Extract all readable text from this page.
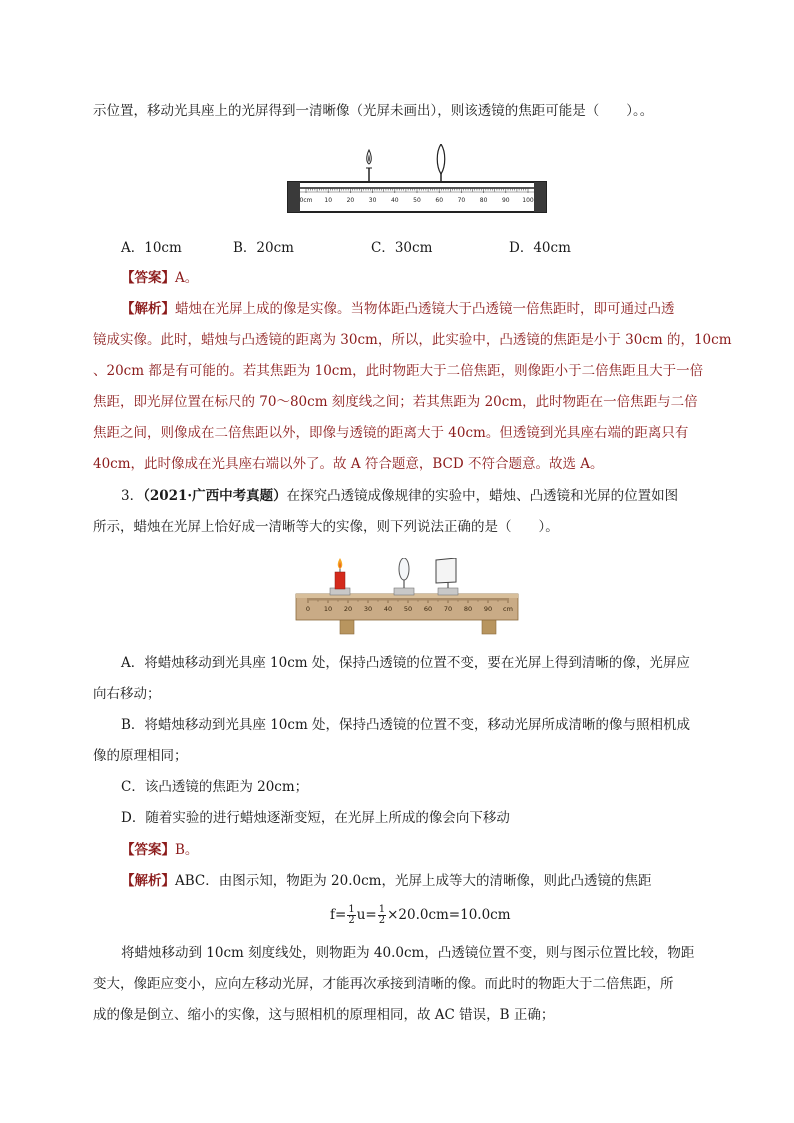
示位置，移动光具座上的光屏得到一清晰像（光屏未画出），则该透镜的焦距可能是（　　）。。
0cm 10 20 30 40 50 60 70 80 90 100
A．10cm	B．20cm	C．30cm	D．40cm
【答案】A。
【解析】蜡烛在光屏上成的像是实像。当物体距凸透镜大于凸透镜一倍焦距时，即可通过凸透
镜成实像。此时，蜡烛与凸透镜的距离为 30cm，所以，此实验中，凸透镜的焦距是小于 30cm 的，10cm
、20cm 都是有可能的。若其焦距为 10cm，此时物距大于二倍焦距，则像距小于二倍焦距且大于一倍
焦距，即光屏位置在标尺的 70～80cm 刻度线之间；若其焦距为 20cm，此时物距在一倍焦距与二倍
焦距之间，则像成在二倍焦距以外，即像与透镜的距离大于 40cm。但透镜到光具座右端的距离只有
40cm，此时像成在光具座右端以外了。故 A 符合题意，BCD 不符合题意。故选 A。
3．（2021·广西中考真题）在探究凸透镜成像规律的实验中，蜡烛、凸透镜和光屏的位置如图
所示，蜡烛在光屏上恰好成一清晰等大的实像，则下列说法正确的是（　　）。
0 10 20 30 40 50 60 70 80 90 cm
A．将蜡烛移动到光具座 10cm 处，保持凸透镜的位置不变，要在光屏上得到清晰的像，光屏应
向右移动；
B．将蜡烛移动到光具座 10cm 处，保持凸透镜的位置不变，移动光屏所成清晰的像与照相机成
像的原理相同；
C．该凸透镜的焦距为 20cm；
D．随着实验的进行蜡烛逐渐变短，在光屏上所成的像会向下移动
【答案】B。
【解析】ABC．由图示知，物距为 20.0cm，光屏上成等大的清晰像，则此凸透镜的焦距
$f= \frac{1}{2} u= \frac{1}{2} \times 20.0cm=10.0cm$
将蜡烛移动到 10cm 刻度线处，则物距为 40.0cm，凸透镜位置不变，则与图示位置比较，物距
变大，像距应变小，应向左移动光屏，才能再次承接到清晰的像。而此时的物距大于二倍焦距，所
成的像是倒立、缩小的实像，这与照相机的原理相同，故 AC 错误，B 正确；
